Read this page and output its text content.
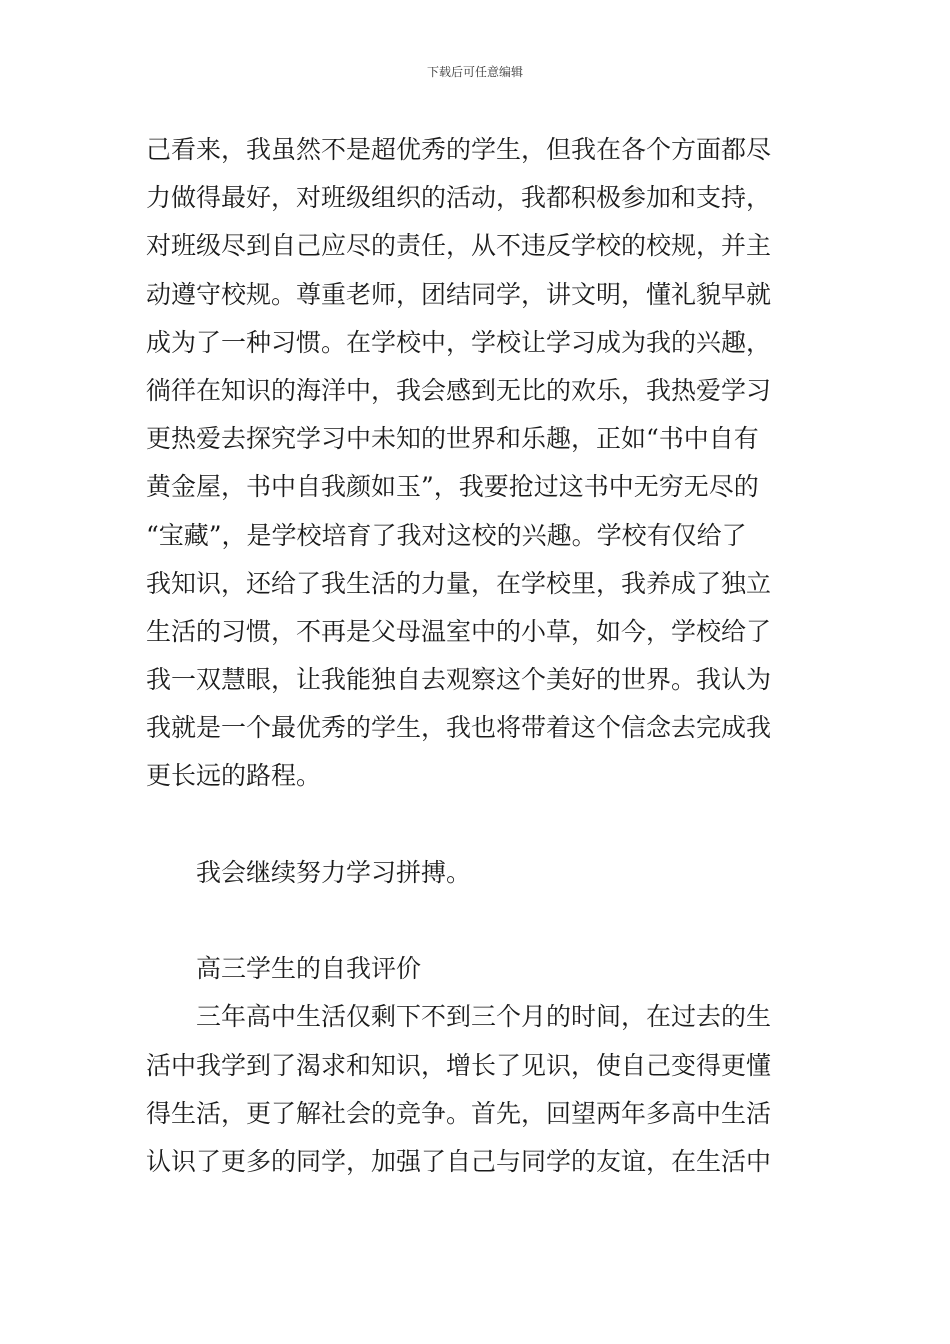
下载后可任意编辑
己看来，我虽然不是超优秀的学生，但我在各个方面都尽
力做得最好，对班级组织的活动，我都积极参加和支持，
对班级尽到自己应尽的责任，从不违反学校的校规，并主
动遵守校规。尊重老师，团结同学，讲文明，懂礼貌早就
成为了一种习惯。在学校中，学校让学习成为我的兴趣，
徜徉在知识的海洋中，我会感到无比的欢乐，我热爱学习
更热爱去探究学习中未知的世界和乐趣，正如“书中自有
黄金屋，书中自我颜如玉”，我要抢过这书中无穷无尽的
“宝藏”，是学校培育了我对这校的兴趣。学校有仅给了
我知识，还给了我生活的力量，在学校里，我养成了独立
生活的习惯，不再是父母温室中的小草，如今，学校给了
我一双慧眼，让我能独自去观察这个美好的世界。我认为
我就是一个最优秀的学生，我也将带着这个信念去完成我
更长远的路程。
我会继续努力学习拼搏。
高三学生的自我评价
三年高中生活仅剩下不到三个月的时间，在过去的生
活中我学到了渴求和知识，增长了见识，使自己变得更懂
得生活，更了解社会的竞争。首先，回望两年多高中生活
认识了更多的同学，加强了自己与同学的友谊，在生活中
